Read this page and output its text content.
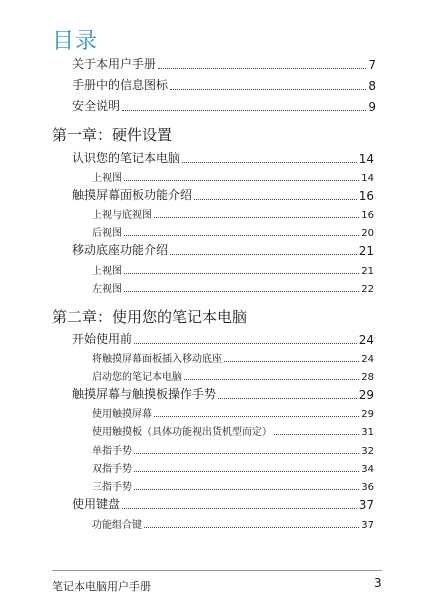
目录
关于本用户手册	7
手册中的信息图标	8
安全说明	9
第一章：硬件设置
认识您的笔记本电脑	14
上视图	14
触摸屏幕面板功能介绍	16
上视与底视图	16
后视图	20
移动底座功能介绍	21
上视图	21
左视图	22
第二章：使用您的笔记本电脑
开始使用前	24
将触摸屏幕面板插入移动底座	24
启动您的笔记本电脑	28
触摸屏幕与触摸板操作手势	29
使用触摸屏幕	29
使用触摸板（具体功能视出货机型而定）	31
单指手势	32
双指手势	34
三指手势	36
使用键盘	37
功能组合键	37
笔记本电脑用户手册	3
